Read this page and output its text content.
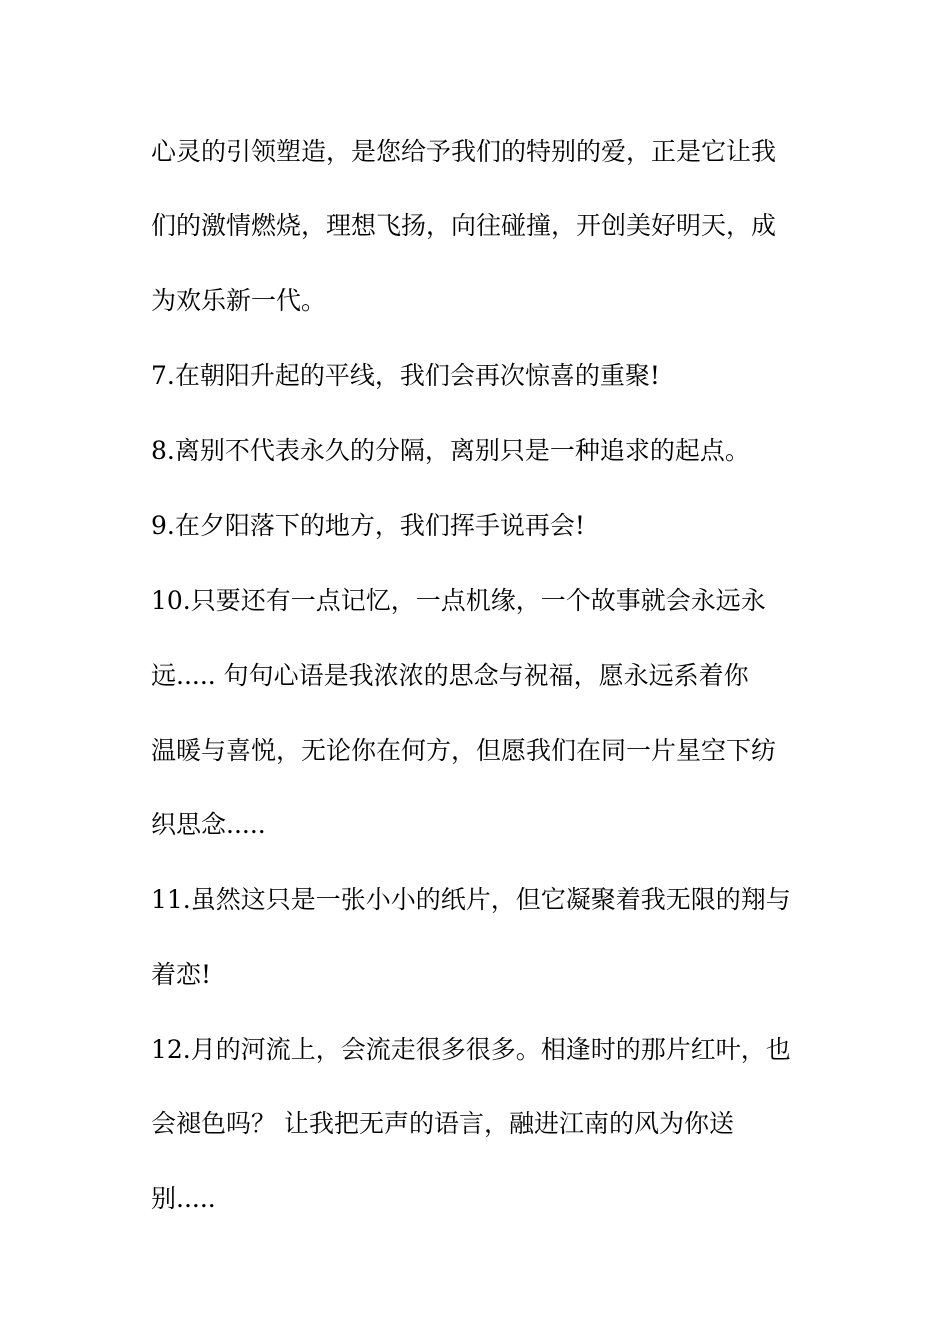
心灵的引领塑造，是您给予我们的特别的爱，正是它让我
们的激情燃烧，理想飞扬，向往碰撞，开创美好明天，成
为欢乐新一代。
7.在朝阳升起的平线，我们会再次惊喜的重聚!
8.离别不代表永久的分隔，离别只是一种追求的起点。
9.在夕阳落下的地方，我们挥手说再会!
10.只要还有一点记忆，一点机缘，一个故事就会永远永
远..... 句句心语是我浓浓的思念与祝福，愿永远系着你
温暖与喜悦，无论你在何方，但愿我们在同一片星空下纺
织思念.....
11.虽然这只是一张小小的纸片，但它凝聚着我无限的翔与
着恋!
12.月的河流上，会流走很多很多。相逢时的那片红叶，也
会褪色吗？ 让我把无声的语言，融进江南的风为你送
别.....
